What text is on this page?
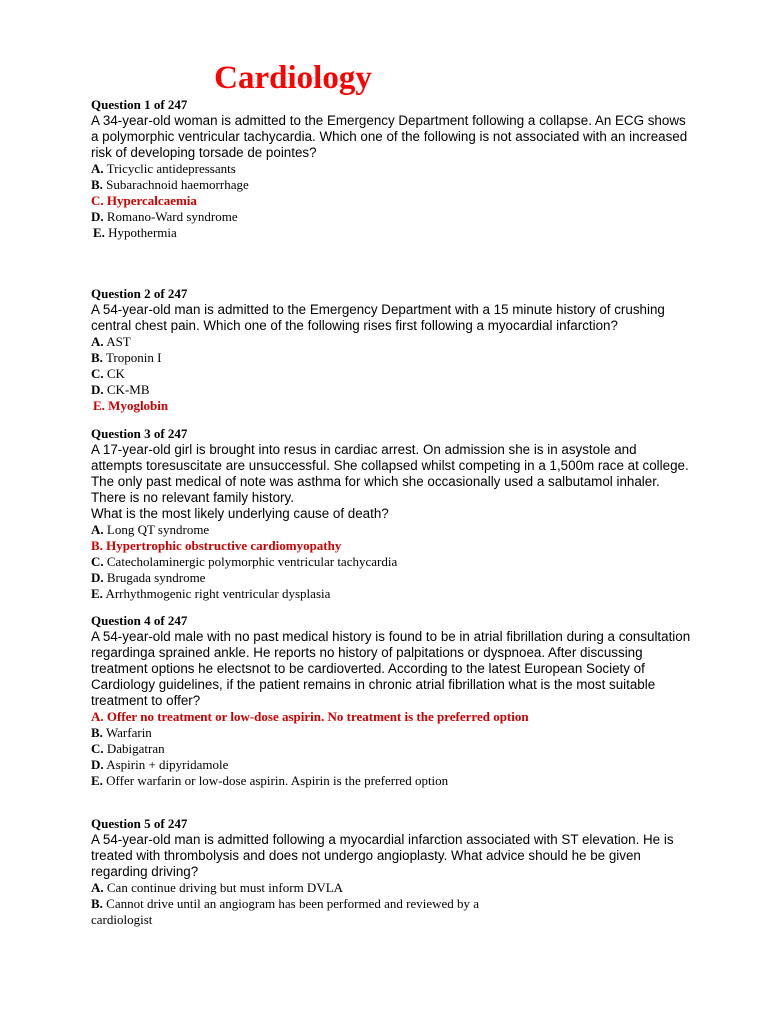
Cardiology

Question 1 of 247

A 34-year-old woman is admitted to the Emergency Department following a collapse. An ECG shows a polymorphic ventricular tachycardia. Which one of the following is not associated with an increased risk of developing torsade de pointes?

A. Tricyclic antidepressants

B. Subarachnoid haemorrhage

C. Hypercalcaemia

D. Romano-Ward syndrome

E. Hypothermia

Question 2 of 247

A 54-year-old man is admitted to the Emergency Department with a 15 minute history of crushing central chest pain. Which one of the following rises first following a myocardial infarction?

A. AST

B. Troponin I

C. CK

D. CK-MB

E. Myoglobin

Question 3 of 247

A 17-year-old girl is brought into resus in cardiac arrest. On admission she is in asystole and attempts toresuscitate are unsuccessful. She collapsed whilst competing in a 1,500m race at college. The only past medical of note was asthma for which she occasionally used a salbutamol inhaler. There is no relevant family history.

What is the most likely underlying cause of death?

A. Long QT syndrome

B. Hypertrophic obstructive cardiomyopathy

C. Catecholaminergic polymorphic ventricular tachycardia

D. Brugada syndrome

E. Arrhythmogenic right ventricular dysplasia

Question 4 of 247

A 54-year-old male with no past medical history is found to be in atrial fibrillation during a consultation regardinga sprained ankle. He reports no history of palpitations or dyspnoea. After discussing treatment options he electsnot to be cardioverted. According to the latest European Society of Cardiology guidelines, if the patient remains in chronic atrial fibrillation what is the most suitable treatment to offer?

A. Offer no treatment or low-dose aspirin. No treatment is the preferred option

B. Warfarin

C. Dabigatran

D. Aspirin + dipyridamole

E. Offer warfarin or low-dose aspirin. Aspirin is the preferred option

Question 5 of 247

A 54-year-old man is admitted following a myocardial infarction associated with ST elevation. He is treated with thrombolysis and does not undergo angioplasty. What advice should he be given regarding driving?

A. Can continue driving but must inform DVLA

B. Cannot drive until an angiogram has been performed and reviewed by a

cardiologist
